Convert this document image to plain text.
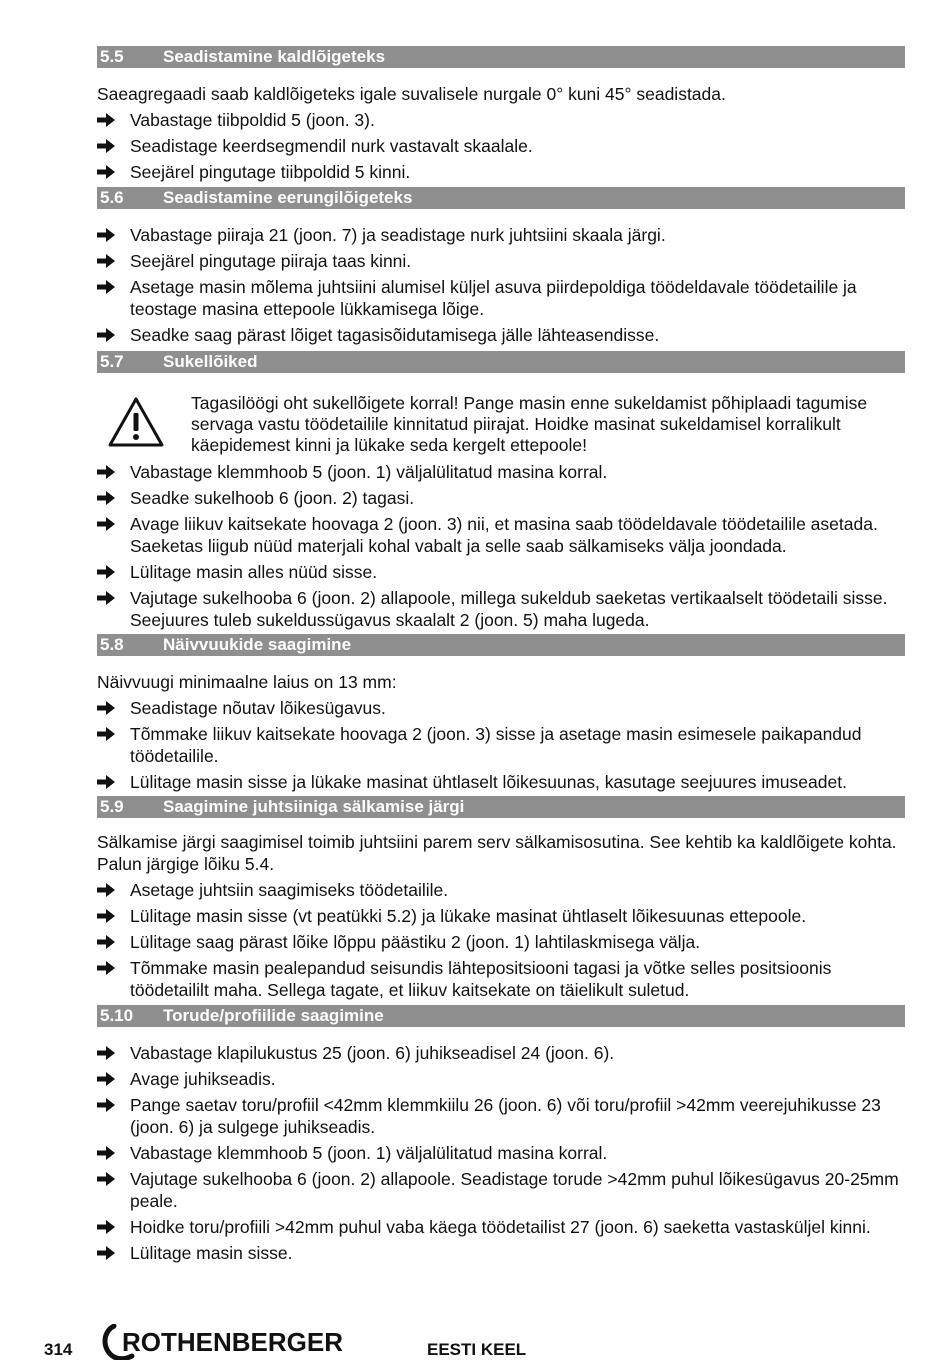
5.5	Seadistamine kaldlõigeteks

Saeagregaadi saab kaldlõigeteks igale suvalisele nurgale 0° kuni 45° seadistada.

Vabastage tiibpoldid 5 (joon. 3).
Seadistage keerdsegmendil nurk vastavalt skaalale.
Seejärel pingutage tiibpoldid 5 kinni.
5.6	Seadistamine eerungilõigeteks
Vabastage piiraja 21 (joon. 7) ja seadistage nurk juhtsiini skaala järgi.
Seejärel pingutage piiraja taas kinni.
Asetage masin mõlema juhtsiini alumisel küljel asuva piirdepoldiga töödeldavale töödetailile ja teostage masina ettepoole lükkamisega lõige.
Seadke saag pärast lõiget tagasisõidutamisega jälle lähteasendisse.
5.7	Sukellõiked
Tagasilöögi oht sukellõigete korral! Pange masin enne sukeldamist põhiplaadi tagumise servaga vastu töödetailile kinnitatud piirajat. Hoidke masinat sukeldamisel korralikult käepidemest kinni ja lükake seda kergelt ettepoole!
Vabastage klemmhoob 5 (joon. 1) väljalülitatud masina korral.
Seadke sukelhoob 6 (joon. 2) tagasi.
Avage liikuv kaitsekate hoovaga 2 (joon. 3) nii, et masina saab töödeldavale töödetailile asetada. Saeketas liigub nüüd materjali kohal vabalt ja selle saab sälkamiseks välja joondada.
Lülitage masin alles nüüd sisse.
Vajutage sukelhooba 6 (joon. 2) allapoole, millega sukeldub saeketas vertikaalselt töödetaili sisse. Seejuures tuleb sukeldussügavus skaalalt 2 (joon. 5) maha lugeda.
5.8	Näivvuukide saagimine

Näivvuugi minimaalne laius on 13 mm:

Seadistage nõutav lõikesügavus.
Tõmmake liikuv kaitsekate hoovaga 2 (joon. 3) sisse ja asetage masin esimesele paikapandud töödetailile.
Lülitage masin sisse ja lükake masinat ühtlaselt lõikesuunas, kasutage seejuures imuseadet.
5.9	Saagimine juhtsiiniga sälkamise järgi

Sälkamise järgi saagimisel toimib juhtsiini parem serv sälkamisosutina. See kehtib ka kaldlõigete kohta. Palun järgige lõiku 5.4.

Asetage juhtsiin saagimiseks töödetailile.
Lülitage masin sisse (vt peatükki 5.2) ja lükake masinat ühtlaselt lõikesuunas ettepoole.
Lülitage saag pärast lõike lõppu päästiku 2 (joon. 1) lahtilaskmisega välja.
Tõmmake masin pealepandud seisundis lähtepositsiooni tagasi ja võtke selles positsioonis töödetaililt maha. Sellega tagate, et liikuv kaitsekate on täielikult suletud.
5.10	Torude/profiilide saagimine
Vabastage klapilukustus 25 (joon. 6) juhikseadisel 24 (joon. 6).
Avage juhikseadis.
Pange saetav toru/profiil <42mm klemmkiilu 26 (joon. 6) või toru/profiil >42mm veerejuhikusse 23 (joon. 6) ja sulgege juhikseadis.
Vabastage klemmhoob 5 (joon. 1) väljalülitatud masina korral.
Vajutage sukelhooba 6 (joon. 2) allapoole. Seadistage torude >42mm puhul lõikesügavus 20-25mm peale.
Hoidke toru/profiili >42mm puhul vaba käega töödetailist 27 (joon. 6) saeketta vastasküljel kinni.
Lülitage masin sisse.
314 ROTHENBERGER	EESTI KEEL
